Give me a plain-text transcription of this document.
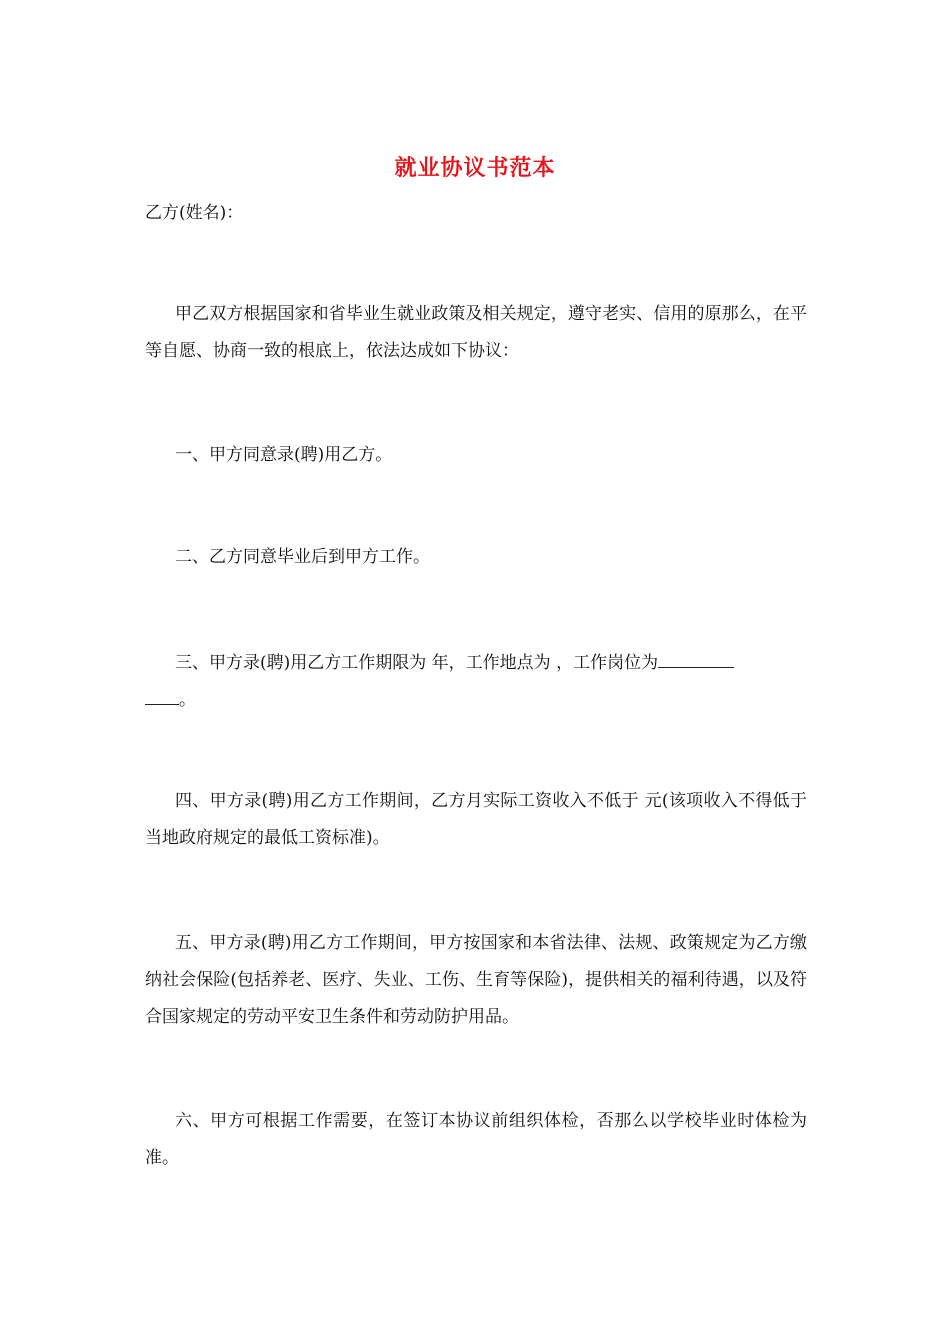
就业协议书范本
乙方(姓名)：
甲乙双方根据国家和省毕业生就业政策及相关规定，遵守老实、信用的原那么，在平等自愿、协商一致的根底上，依法达成如下协议：
一、甲方同意录(聘)用乙方。
二、乙方同意毕业后到甲方工作。
三、甲方录(聘)用乙方工作期限为 年，工作地点为 ，工作岗位为
。
四、甲方录(聘)用乙方工作期间，乙方月实际工资收入不低于 元(该项收入不得低于当地政府规定的最低工资标准)。
五、甲方录(聘)用乙方工作期间，甲方按国家和本省法律、法规、政策规定为乙方缴纳社会保险(包括养老、医疗、失业、工伤、生育等保险)，提供相关的福利待遇，以及符合国家规定的劳动平安卫生条件和劳动防护用品。
六、甲方可根据工作需要，在签订本协议前组织体检，否那么以学校毕业时体检为准。
